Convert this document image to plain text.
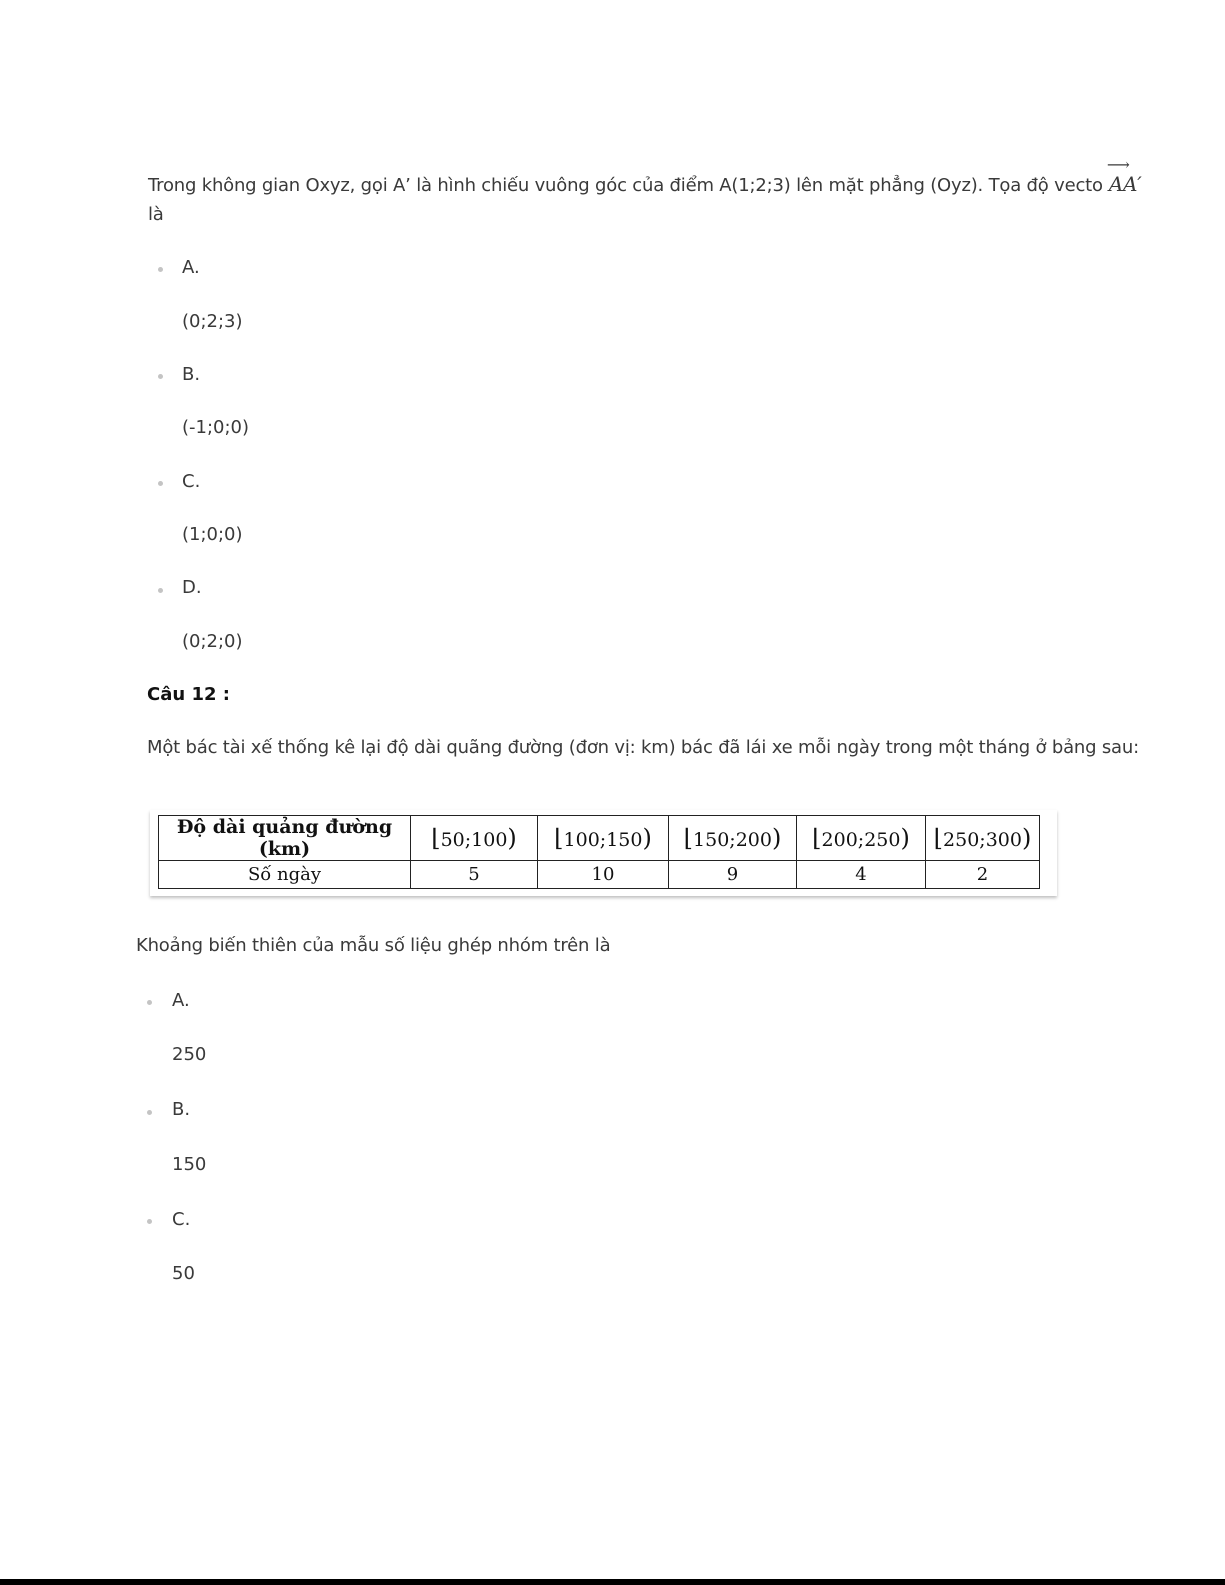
Trong không gian Oxyz, gọi A’ là hình chiếu vuông góc của điểm A(1;2;3) lên mặt phẳng (Oyz). Tọa độ vecto
⟶
AA′
là
A.
(0;2;3)
B.
(-1;0;0)
C.
(1;0;0)
D.
(0;2;0)
Câu 12 :
Một bác tài xế thống kê lại độ dài quãng đường (đơn vị: km) bác đã lái xe mỗi ngày trong một tháng ở bảng sau:
Độ dài quảng đường (km)	⌊50;100)	⌊100;150)	⌊150;200)	⌊200;250)	⌊250;300)
Số ngày	5	10	9	4	2
Khoảng biến thiên của mẫu số liệu ghép nhóm trên là
A.
250
B.
150
C.
50
